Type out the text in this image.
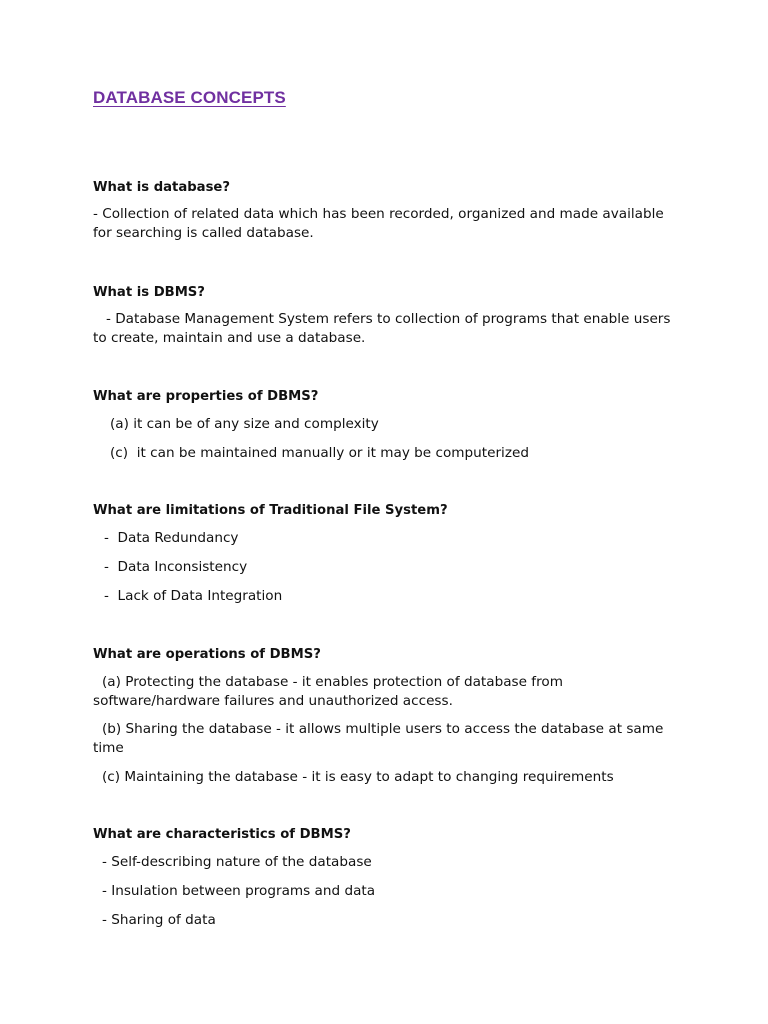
DATABASE CONCEPTS
What is database?
- Collection of related data which has been recorded, organized and made available for searching is called database.
What is DBMS?
- Database Management System refers to collection of programs that enable users to create, maintain and use a database.
What are properties of DBMS?
(a) it can be of any size and complexity
(c)  it can be maintained manually or it may be computerized
What are limitations of Traditional File System?
-  Data Redundancy
-  Data Inconsistency
-  Lack of Data Integration
What are operations of DBMS?
(a) Protecting the database - it enables protection of database from software/hardware failures and unauthorized access.
(b) Sharing the database - it allows multiple users to access the database at same time
(c) Maintaining the database - it is easy to adapt to changing requirements
What are characteristics of DBMS?
- Self-describing nature of the database
- Insulation between programs and data
- Sharing of data
